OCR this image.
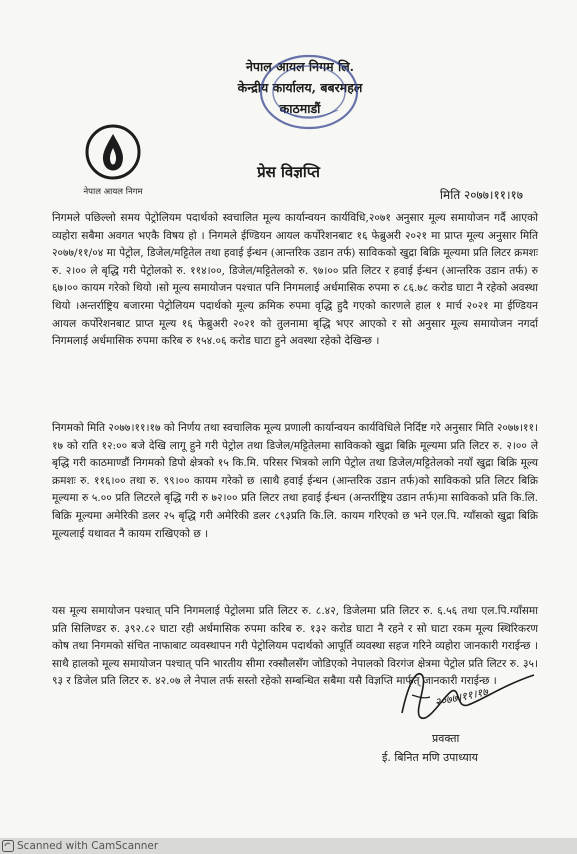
नेपाल आयल निगम लि.
केन्द्रीय कार्यालय, बबरमहल
काठमाडौं
नेपाल आयल निगम
प्रेस विज्ञप्ति
मिति २०७७।११।१७

निगमले पछिल्लो समय पेट्रोलियम पदार्थको स्वचालित मूल्य कार्यान्वयन कार्यविधि,२०७१ अनुसार मूल्य समायोजन गर्दै आएको व्यहोरा सबैमा अवगत भएकै विषय हो । निगमले ईण्डियन आयल कर्पोरेशनबाट १६ फेब्रुअरी २०२१ मा प्राप्त मूल्य अनुसार मिति २०७७/११/०४ मा पेट्रोल, डिजेल/मट्टितेल तथा हवाई ईन्धन (आन्तरिक उडान तर्फ) साविकको खुद्रा बिक्रि मूल्यमा प्रति लिटर क्रमशः रु. २।०० ले बृद्धि गरी पेट्रोलको रु. ११४।००, डिजेल/मट्टितेलको रु. ९७।०० प्रति लिटर र हवाई ईन्धन (आन्तरिक उडान तर्फ) रु ६७।०० कायम गरेको थियो ।सो मूल्य समायोजन पश्चात पनि निगमलाई अर्धमासिक रुपमा रु ८६.७८ करोड घाटा नै रहेको अवस्था थियो ।अन्तर्राष्ट्रिय बजारमा पेट्रोलियम पदार्थको मूल्य क्रमिक रुपमा वृद्धि हुदै गएको कारणले हाल १ मार्च २०२१ मा ईण्डियन आयल कर्पोरेशनबाट प्राप्त मूल्य १६ फेब्रुअरी २०२१ को तुलनामा बृद्धि भएर आएको र सो अनुसार मूल्य समायोजन नगर्दा निगमलाई अर्धमासिक रुपमा करिब रु १५४.०६ करोड घाटा हुने अवस्था रहेको देखिन्छ ।

निगमको मिति २०७७।११।१७ को निर्णय तथा स्वचालिक मूल्य प्रणाली कार्यान्वयन कार्यविधिले निर्दिष्ट गरे अनुसार मिति २०७७।११।१७ को राति १२:०० बजे देखि लागू हुने गरी पेट्रोल तथा डिजेल/मट्टितेलमा साविकको खुद्रा बिक्रि मूल्यमा प्रति लिटर रु. २।०० ले बृद्धि गरी काठमाण्डौं निगमको डिपो क्षेत्रको १५ कि.मि. परिसर भित्रको लागि पेट्रोल तथा डिजेल/मट्टितेलको नयाँ खुद्रा बिक्रि मूल्य क्रमशः रु. ११६।०० तथा रु. ९९।०० कायम गरेको छ ।साथै हवाई ईन्धन (आन्तरिक उडान तर्फ)को साविकको प्रति लिटर बिक्रि मूल्यमा रु ५.०० प्रति लिटरले बृद्धि गरी रु ७२।०० प्रति लिटर तथा हवाई ईन्धन (अन्तर्राष्ट्रिय उडान तर्फ)मा साविकको प्रति कि.लि. बिक्रि मूल्यमा अमेरिकी डलर २५ बृद्धि गरी अमेरिकी डलर ८९३प्रति कि.लि. कायम गरिएको छ भने एल.पि. ग्याँसको खुद्रा बिक्रि मूल्यलाई यथावत नै कायम राखिएको छ ।

यस मूल्य समायोजन पश्चात् पनि निगमलाई पेट्रोलमा प्रति लिटर रु. ८.४२, डिजेलमा प्रति लिटर रु. ६.५६ तथा एल.पि.ग्याँसमा प्रति सिलिण्डर रु. ३९२.८२ घाटा रही अर्धमासिक रुपमा करिब रु. १३२ करोड घाटा नै रहने र सो घाटा रकम मूल्य स्थिरिकरण कोष तथा निगमको संचित नाफाबाट व्यवस्थापन गरी पेट्रोलियम पदार्थको आपूर्ति व्यवस्था सहज गरिने व्यहोरा जानकारी गराईन्छ । साथै हालको मूल्य समायोजन पश्चात् पनि भारतीय सीमा रक्सौलसँग जोडिएको नेपालको विरगंज क्षेत्रमा पेट्रोल प्रति लिटर रु. ३५।९३ र डिजेल प्रति लिटर रु. ४२.०७ ले नेपाल तर्फ सस्तो रहेको सम्बन्धित सबैमा यसै विज्ञप्ति मार्फत् जानकारी गराईन्छ ।

२०७७।११।१७
प्रवक्ता
ई. बिनित मणि उपाध्याय
Scanned with CamScanner
